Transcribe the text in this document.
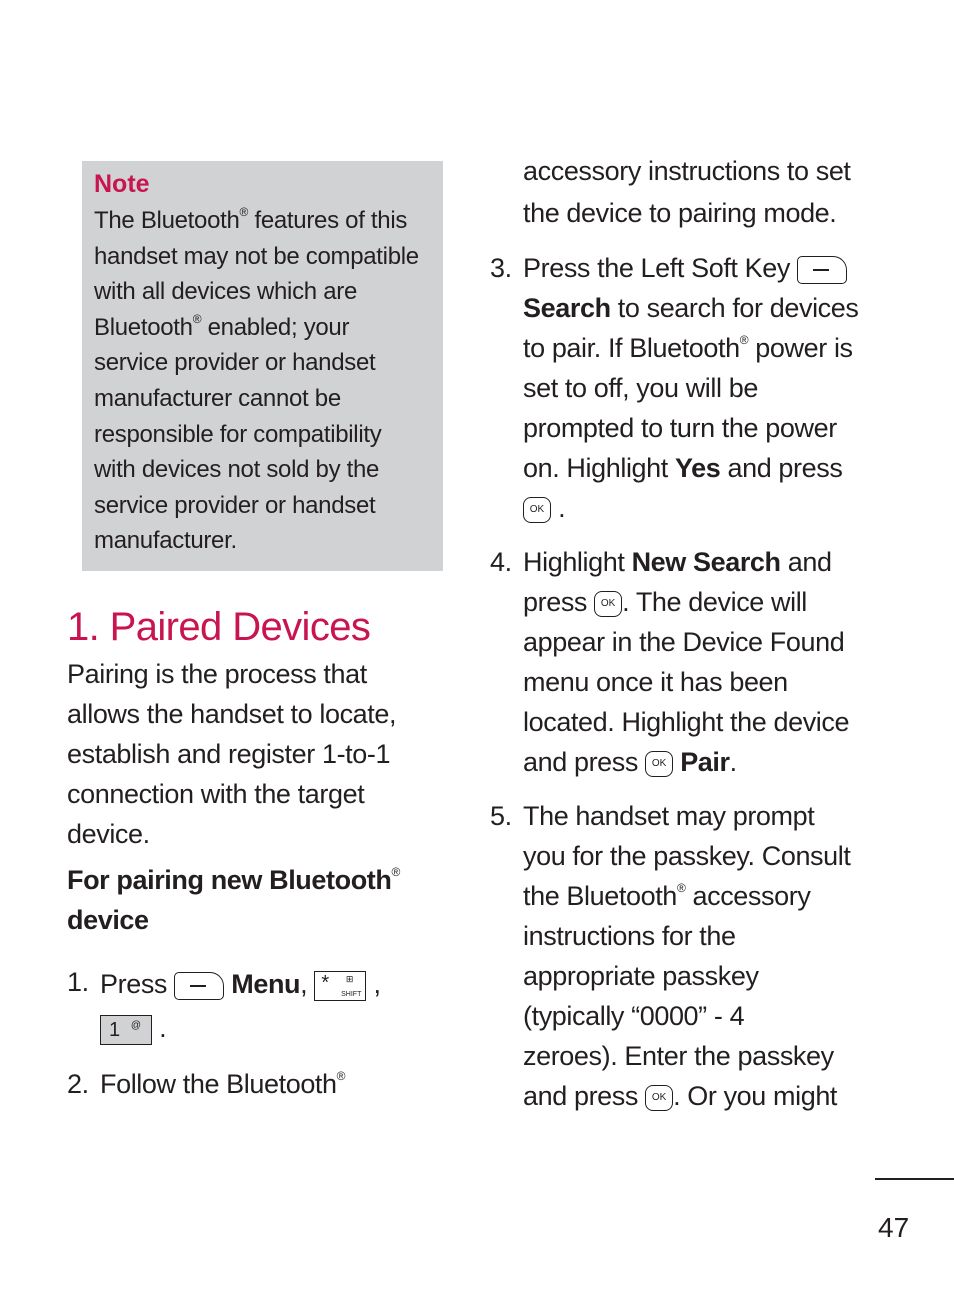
Note
The Bluetooth® features of this
handset may not be compatible
with all devices which are
Bluetooth® enabled; your
service provider or handset
manufacturer cannot be
responsible for compatibility
with devices not sold by the
service provider or handset
manufacturer.
1. Paired Devices
Pairing is the process that
allows the handset to locate,
establish and register 1-to-1
connection with the target
device.
For pairing new Bluetooth®
device
1. Press  Menu, * ⊞
SHIFT ,
1 @ .
2. Follow the Bluetooth®
accessory instructions to set
the device to pairing mode.
3. Press the Left Soft Key
Search to search for devices
to pair. If Bluetooth® power is
set to off, you will be
prompted to turn the power
on. Highlight Yes and press
OK .
4. Highlight New Search and
press OK . The device will
appear in the Device Found
menu once it has been
located. Highlight the device
and press OK Pair.
5. The handset may prompt
you for the passkey. Consult
the Bluetooth® accessory
instructions for the
appropriate passkey
(typically “0000” - 4
zeroes). Enter the passkey
and press OK . Or you might
47
